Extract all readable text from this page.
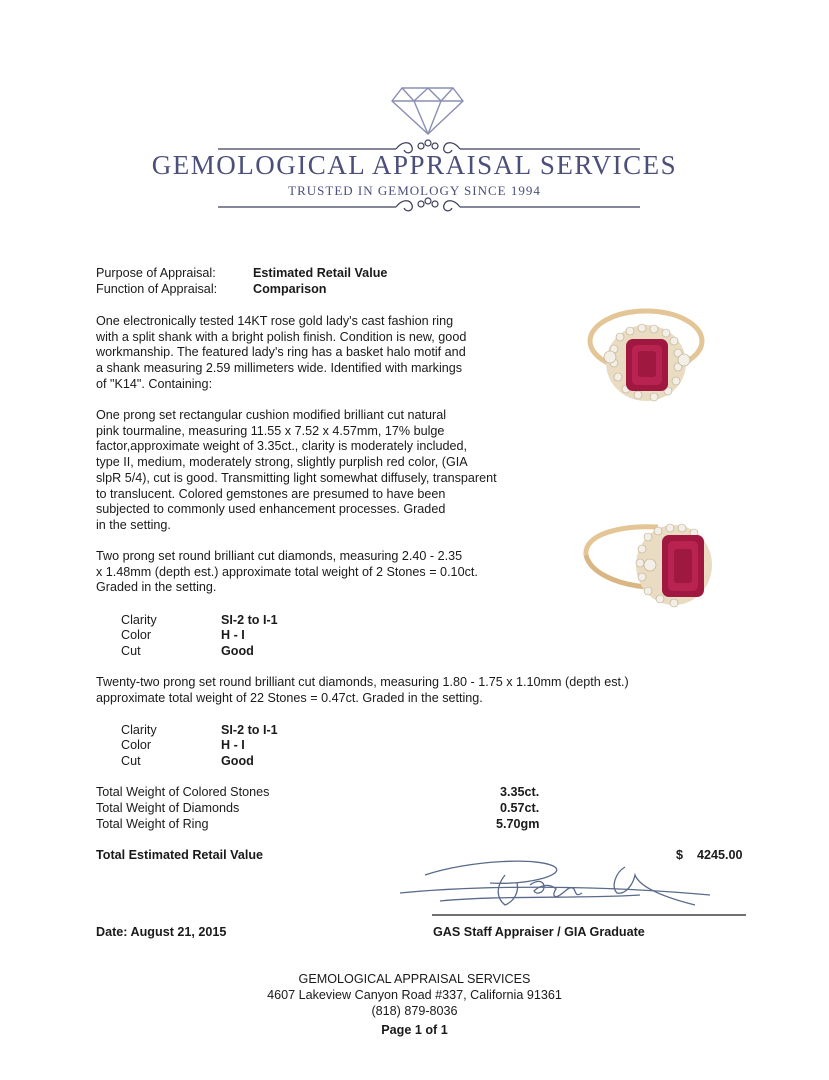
GEMOLOGICAL APPRAISAL SERVICES
TRUSTED IN GEMOLOGY SINCE 1994
Purpose of Appraisal:	Estimated Retail Value
Function of Appraisal:	Comparison
One electronically tested 14KT rose gold lady's cast fashion ring
with a split shank with a bright polish finish. Condition is new, good
workmanship. The featured lady's ring has a basket halo motif and
a shank measuring 2.59 millimeters wide. Identified with markings
of "K14". Containing:
One prong set rectangular cushion modified brilliant cut natural
pink tourmaline, measuring 11.55 x 7.52 x 4.57mm, 17% bulge
factor,approximate weight of 3.35ct., clarity is moderately included,
type II, medium, moderately strong, slightly purplish red color, (GIA
slpR 5/4), cut is good. Transmitting light somewhat diffusely, transparent
to translucent. Colored gemstones are presumed to have been
subjected to commonly used enhancement processes. Graded
in the setting.
Two prong set round brilliant cut diamonds, measuring 2.40 - 2.35
x 1.48mm (depth est.) approximate total weight of 2 Stones = 0.10ct.
Graded in the setting.
Clarity	SI-2 to I-1
Color	H - I
Cut	Good
Twenty-two prong set round brilliant cut diamonds, measuring 1.80 - 1.75 x 1.10mm (depth est.)
approximate total weight of 22 Stones = 0.47ct. Graded in the setting.
Clarity	SI-2 to I-1
Color	H - I
Cut	Good
Total Weight of Colored Stones	3.35ct.
Total Weight of Diamonds	0.57ct.
Total Weight of Ring	5.70gm
Total Estimated Retail Value	$ 4245.00
Date: August 21, 2015	GAS Staff Appraiser / GIA Graduate
GEMOLOGICAL APPRAISAL SERVICES
4607 Lakeview Canyon Road #337, California 91361
(818) 879-8036
Page 1 of 1
